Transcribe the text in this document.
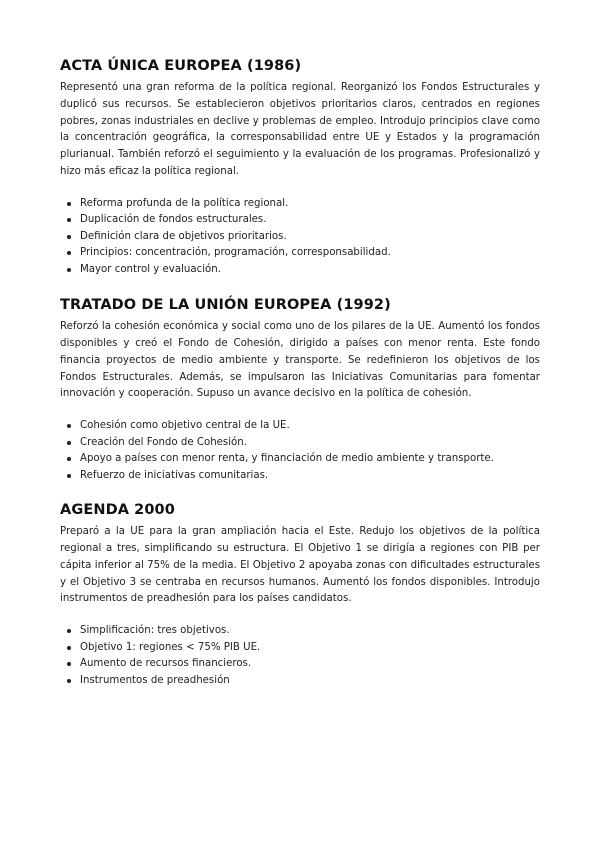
ACTA ÚNICA EUROPEA (1986)

Representó una gran reforma de la política regional. Reorganizó los Fondos Estructurales y duplicó sus recursos. Se establecieron objetivos prioritarios claros, centrados en regiones pobres, zonas industriales en declive y problemas de empleo. Introdujo principios clave como la concentración geográfica, la corresponsabilidad entre UE y Estados y la programación plurianual. También reforzó el seguimiento y la evaluación de los programas. Profesionalizó y hizo más eficaz la política regional.

Reforma profunda de la política regional.
Duplicación de fondos estructurales.
Definición clara de objetivos prioritarios.
Principios: concentración, programación, corresponsabilidad.
Mayor control y evaluación.
TRATADO DE LA UNIÓN EUROPEA (1992)

Reforzó la cohesión económica y social como uno de los pilares de la UE. Aumentó los fondos disponibles y creó el Fondo de Cohesión, dirigido a países con menor renta. Este fondo financia proyectos de medio ambiente y transporte. Se redefinieron los objetivos de los Fondos Estructurales. Además, se impulsaron las Iniciativas Comunitarias para fomentar innovación y cooperación. Supuso un avance decisivo en la política de cohesión.

Cohesión como objetivo central de la UE.
Creación del Fondo de Cohesión.
Apoyo a países con menor renta, y financiación de medio ambiente y transporte.
Refuerzo de iniciativas comunitarias.
AGENDA 2000

Preparó a la UE para la gran ampliación hacia el Este. Redujo los objetivos de la política regional a tres, simplificando su estructura. El Objetivo 1 se dirigía a regiones con PIB per cápita inferior al 75% de la media. El Objetivo 2 apoyaba zonas con dificultades estructurales y el Objetivo 3 se centraba en recursos humanos. Aumentó los fondos disponibles. Introdujo instrumentos de preadhesión para los países candidatos.

Simplificación: tres objetivos.
Objetivo 1: regiones < 75% PIB UE.
Aumento de recursos financieros.
Instrumentos de preadhesión
